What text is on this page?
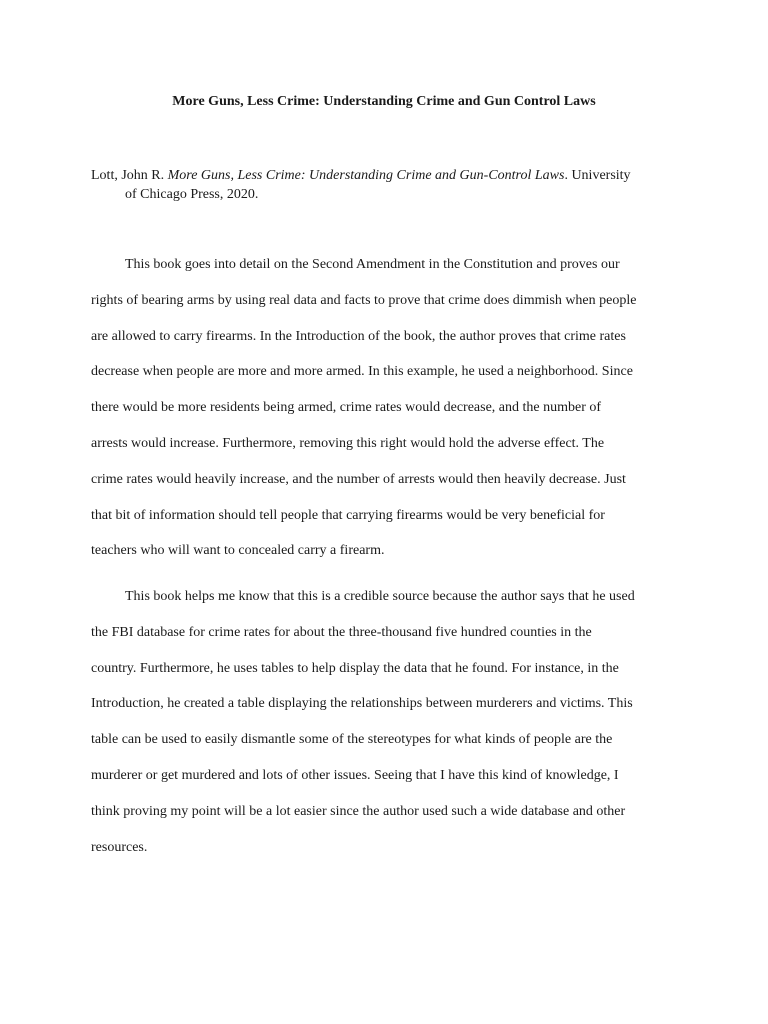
More Guns, Less Crime: Understanding Crime and Gun Control Laws
Lott, John R. More Guns, Less Crime: Understanding Crime and Gun-Control Laws. University
of Chicago Press, 2020.
This book goes into detail on the Second Amendment in the Constitution and proves our
rights of bearing arms by using real data and facts to prove that crime does dimmish when people
are allowed to carry firearms. In the Introduction of the book, the author proves that crime rates
decrease when people are more and more armed. In this example, he used a neighborhood. Since
there would be more residents being armed, crime rates would decrease, and the number of
arrests would increase. Furthermore, removing this right would hold the adverse effect. The
crime rates would heavily increase, and the number of arrests would then heavily decrease. Just
that bit of information should tell people that carrying firearms would be very beneficial for
teachers who will want to concealed carry a firearm.
This book helps me know that this is a credible source because the author says that he used
the FBI database for crime rates for about the three-thousand five hundred counties in the
country. Furthermore, he uses tables to help display the data that he found. For instance, in the
Introduction, he created a table displaying the relationships between murderers and victims. This
table can be used to easily dismantle some of the stereotypes for what kinds of people are the
murderer or get murdered and lots of other issues. Seeing that I have this kind of knowledge, I
think proving my point will be a lot easier since the author used such a wide database and other
resources.
